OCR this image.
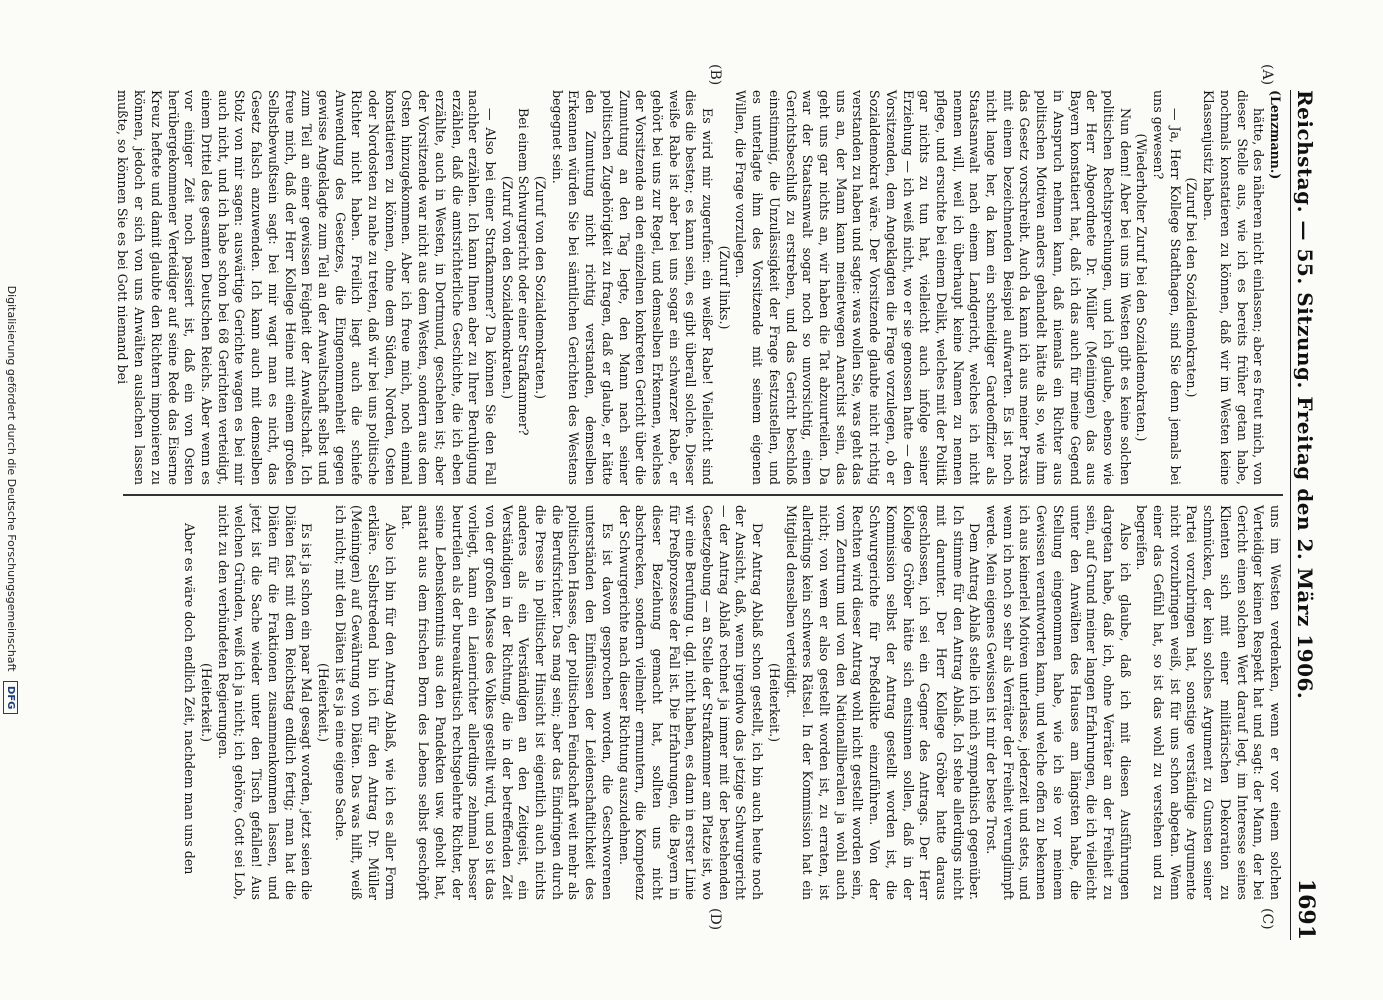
Reichstag. — 55. Sitzung. Freitag den 2. März 1906.
1691
(A)
(B)
(C)
(D)

(Lenzmann.)

hätte, des näheren nicht einlassen; aber es freut mich, von dieser Stelle aus, wie ich es bereits früher getan habe, nochmals konstatieren zu können, daß wir im Westen keine Klassenjustiz haben.

(Zuruf bei den Sozialdemokraten.)

— Ja, Herr Kollege Stadthagen, sind Sie denn jemals bei uns gewesen?

(Wiederholter Zuruf bei den Sozialdemokraten.)

Nun denn! Aber bei uns im Westen gibt es keine solchen politischen Rechtsprechungen, und ich glaube, ebenso wie der Herr Abgeordnete Dr. Müller (Meiningen) das aus Bayern konstatiert hat, daß ich das auch für meine Gegend in Anspruch nehmen kann, daß niemals ein Richter aus politischen Motiven anders gehandelt hätte als so, wie ihm das Gesetz vorschreibt. Auch da kann ich aus meiner Praxis mit einem bezeichnenden Beispiel aufwarten. Es ist noch nicht lange her, da kam ein schneidiger Gardeoffizier als Staatsanwalt nach einem Landgericht, welches ich nicht nennen will, weil ich überhaupt keine Namen zu nennen pflege, und ersuchte bei einem Delikt, welches mit der Politik gar nichts zu tun hat, vielleicht auch infolge seiner Erziehung — ich weiß nicht, wo er sie genossen hatte — den Vorsitzenden, dem Angeklagten die Frage vorzulegen, ob er Sozialdemokrat wäre. Der Vorsitzende glaubte nicht richtig verstanden zu haben und sagte: was wollen Sie, was geht das uns an, der Mann kann meinetwegen Anarchist sein, das geht uns gar nichts an, wir haben die Tat abzuurteilen. Da war der Staatsanwalt sogar noch so unvorsichtig, einen Gerichtsbeschluß zu erstreben, und das Gericht beschloß einstimmig, die Unzulässigkeit der Frage festzustellen, und es unterlagte ihm des Vorsitzende mit seinem eigenen Willen, die Frage vorzulegen.

(Zuruf links.)

Es wird mir zugerufen: ein weißer Rabe! Vielleicht sind dies die besten; es kann sein, es gibt überall solche. Dieser weiße Rabe ist aber bei uns sogar ein schwarzer Rabe, er gehört bei uns zur Regel, und demselben Erkennen, welches der Vorsitzende an den einzelnen konkreten Gericht über die Zumutung an den Tag legte, den Mann nach seiner politischen Zugehörigkeit zu fragen, daß er glaube, er hätte den Zumutung nicht richtig verstanden, demselben Erkennen würden Sie bei sämtlichen Gerichten des Westens begegnet sein.

(Zuruf von den Sozialdemokraten.)

Bei einem Schwurgericht oder einer Strafkammer?

(Zuruf von den Sozialdemokraten.)

— Also bei einer Strafkammer? Da können Sie den Fall nachher erzählen. Ich kann Ihnen aber zu Ihrer Beruhigung erzählen, daß die amtsrichterliche Geschichte, die ich eben erzählte, auch in Westen, in Dortmund, geschehen ist; aber der Vorsitzende war nicht aus dem Westen, sondern aus dem Osten hinzugekommen. Aber ich freue mich, noch einmal konstatieren zu können, ohne dem Süden, Norden, Osten oder Nordosten zu nahe zu treten, daß wir bei uns politische Richter nicht haben. Freilich liegt auch die schiefe Anwendung des Gesetzes, die Eingenommenheit gegen gewisse Angeklagte zum Teil an der Anwaltschaft selbst und zum Teil an einer gewissen Feigheit der Anwaltschaft. Ich freue mich, daß der Herr Kollege Heine mit einem großen Selbstbewußtsein sagt: bei mir wagt man es nicht, das Gesetz falsch anzuwenden. Ich kann auch mit demselben Stolz von mir sagen: auswärtige Gerichte wagen es bei mir auch nicht, und ich habe schon bei 68 Gerichten verteidigt, einem Drittel des gesamten Deutschen Reichs. Aber wenn es vor einiger Zeit noch passiert ist, daß ein von Osten herübergekommener Verteidiger auf seine Rede das Eiserne Kreuz heftete und damit glaubte den Richtern imponieren zu können, jedoch er sich von uns Anwälten auslachen lassen mußte, so können Sie es bei Gott niemand bei

uns im Westen verdenken, wenn er vor einem solchen Verteidiger keinen Respekt hat und sagt: der Mann, der bei Gericht einen solchen Wert darauf legt, im Interesse seines Klienten sich mit einer militärischen Dekoration zu schmücken, der kein solches Argument zu Gunsten seiner Partei vorzubringen hat, sonstige verständige Argumente nicht vorzubringen weiß, ist für uns schon abgetan. Wenn einer das Gefühl hat, so ist das wohl zu verstehen und zu begreifen.

Also ich glaube, daß ich mit diesen Ausführungen dargetan habe, daß ich, ohne Verräter an der Freiheit zu sein, auf Grund meiner langen Erfahrungen, die ich vielleicht unter den Anwälten des Hauses am längsten habe, die Stellung eingenommen habe, wie ich sie vor meinem Gewissen verantworten kann, und welche offen zu bekennen ich aus keinerlei Motiven unterlasse, jederzeit und stets, und wenn ich noch so sehr als Verräter der Freiheit verunglimpft werde. Mein eigenes Gewissen ist mir der beste Trost.

Dem Antrag Ablaß stelle ich mich sympathisch gegenüber. Ich stimme für den Antrag Ablaß. Ich stehe allerdings nicht mit darunter. Der Herr Kollege Gröber hatte daraus geschlossen, ich sei ein Gegner des Antrags. Der Herr Kollege Gröber hätte sich entsinnen sollen, daß in der Kommission selbst der Antrag gestellt worden ist, die Schwurgerichte für Preßdelikte einzuführen. Von der Rechten wird dieser Antrag wohl nicht gestellt worden sein, vom Zentrum und von den Nationalliberalen ja wohl auch nicht; von wem er also gestellt worden ist, zu erraten, ist allerdings kein schweres Rätsel. In der Kommission hat ein Mitglied denselben verteidigt.

(Heiterkeit.)

Der Antrag Ablaß schon gestellt, ich bin auch heute noch der Ansicht, daß, wenn irgendwo das jetzige Schwurgericht — der Antrag Ablaß rechnet ja immer mit der bestehenden Gesetzgebung — an Stelle der Strafkammer am Platze ist, wo wir eine Berufung u. dgl. nicht haben, es dann in erster Linie für Preßprozesse der Fall ist. Die Erfahrungen, die Bayern in dieser Beziehung gemacht hat, sollten uns nicht abschrecken, sondern vielmehr ermuntern, die Kompetenz der Schwurgerichte nach dieser Richtung auszudehnen.

Es ist davon gesprochen worden, die Geschworenen unterständen den Einflüssen der Leidenschaftlichkeit des politischen Hasses, der politischen Feindschaft weit mehr als die Berufsrichter. Das mag sein; aber das Eindringen durch die Presse in politischer Hinsicht ist eigentlich auch nichts anderes als ein Verständigen an den Zeitgeist, ein Verständigen in der Richtung, die in der betreffenden Zeit von der großen Masse des Volkes gestellt wird, und so ist das vorliegt, kann ein Laienrichter allerdings zehnmal besser beurteilen als der bureaukratisch rechtsgelehrte Richter, der seine Lebenskenntnis aus den Pandekten usw. geholt hat, anstatt aus dem frischen Born des Lebens selbst geschöpft hat.

Also ich bin für den Antrag Ablaß, wie ich es aller Form erkläre. Selbstredend bin ich für den Antrag Dr. Müller (Meiningen) auf Gewährung von Diäten. Das was hilft, weiß ich nicht; mit den Diäten ist es ja eine eigene Sache.

(Heiterkeit.)

Es ist ja schon ein paar Mal gesagt worden, jetzt seien die Diäten fast mit dem Reichstag endlich fertig; man hat die Diäten für die Fraktionen zusammenkommen lassen, und jetzt ist die Sache wieder unter den Tisch gefallen! Aus welchen Gründen, weiß ich ja nicht; ich gehöre, Gott sei Lob, nicht zu den verbündeten Regierungen.

(Heiterkeit.)

Aber es wäre doch endlich Zeit, nachdem man uns den

Digitalisierung gefördert durch die Deutsche Forschungsgemeinschaft DFG
